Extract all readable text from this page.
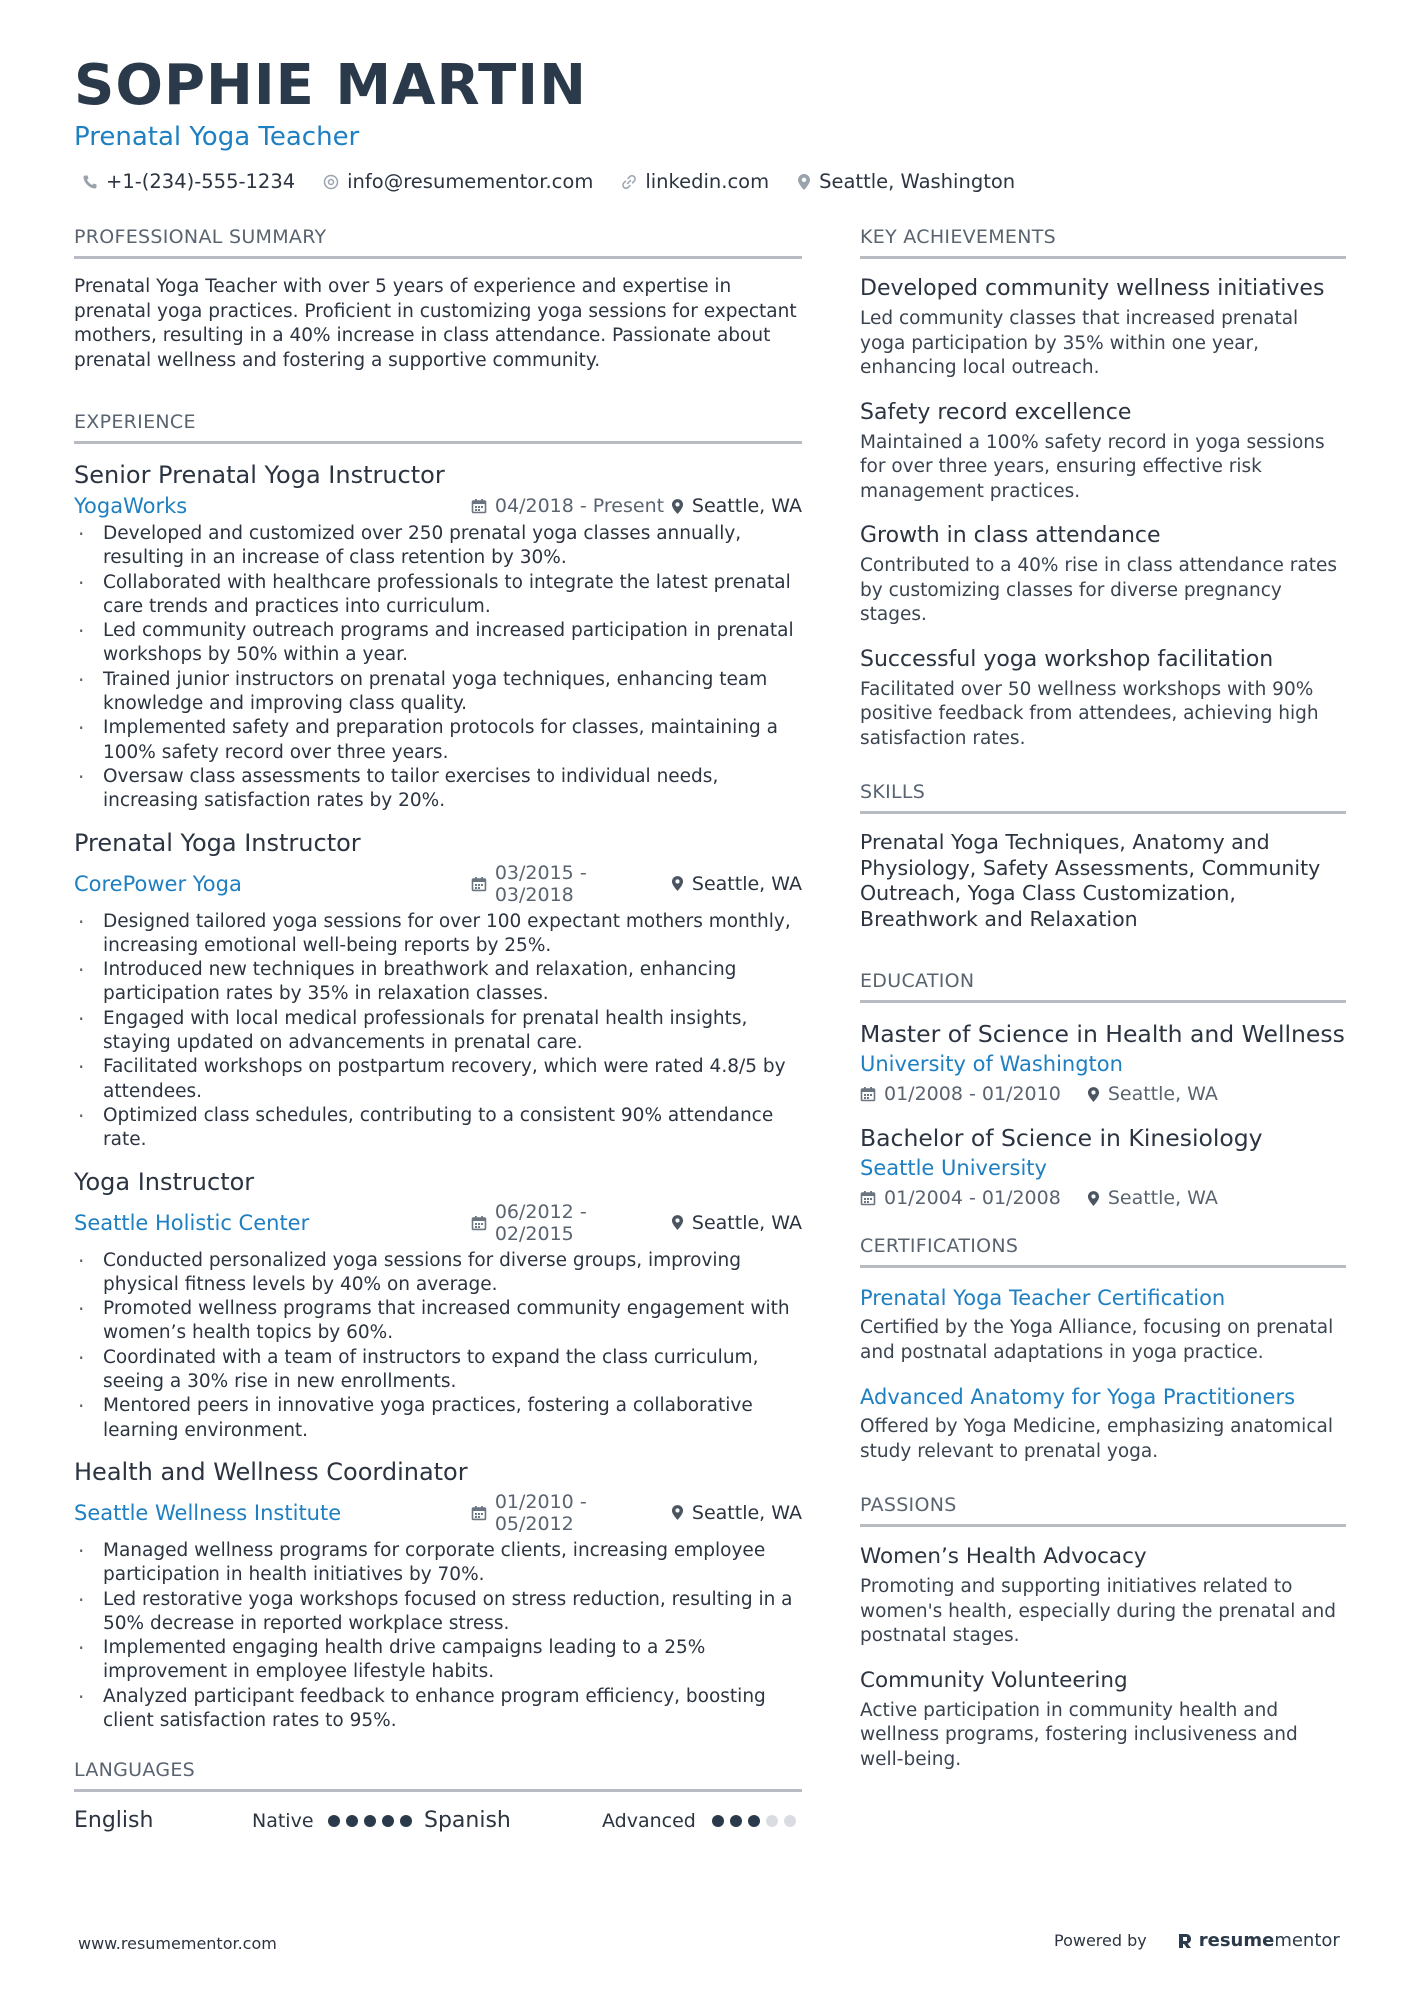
SOPHIE MARTIN
Prenatal Yoga Teacher
+1-(234)-555-1234	info@resumementor.com	linkedin.com	Seattle, Washington
PROFESSIONAL SUMMARY

Prenatal Yoga Teacher with over 5 years of experience and expertise in prenatal yoga practices. Proficient in customizing yoga sessions for expectant mothers, resulting in a 40% increase in class attendance. Passionate about prenatal wellness and fostering a supportive community.

EXPERIENCE
Senior Prenatal Yoga Instructor
YogaWorks	04/2018 - Present Seattle, WA
· Developed and customized over 250 prenatal yoga classes annually, resulting in an increase of class retention by 30%.
· Collaborated with healthcare professionals to integrate the latest prenatal care trends and practices into curriculum.
· Led community outreach programs and increased participation in prenatal workshops by 50% within a year.
· Trained junior instructors on prenatal yoga techniques, enhancing team knowledge and improving class quality.
· Implemented safety and preparation protocols for classes, maintaining a 100% safety record over three years.
· Oversaw class assessments to tailor exercises to individual needs, increasing satisfaction rates by 20%.
Prenatal Yoga Instructor
CorePower Yoga	03/2015 - 03/2018	Seattle, WA
· Designed tailored yoga sessions for over 100 expectant mothers monthly, increasing emotional well-being reports by 25%.
· Introduced new techniques in breathwork and relaxation, enhancing participation rates by 35% in relaxation classes.
· Engaged with local medical professionals for prenatal health insights, staying updated on advancements in prenatal care.
· Facilitated workshops on postpartum recovery, which were rated 4.8/5 by attendees.
· Optimized class schedules, contributing to a consistent 90% attendance rate.
Yoga Instructor
Seattle Holistic Center	06/2012 - 02/2015	Seattle, WA
· Conducted personalized yoga sessions for diverse groups, improving physical fitness levels by 40% on average.
· Promoted wellness programs that increased community engagement with women’s health topics by 60%.
· Coordinated with a team of instructors to expand the class curriculum, seeing a 30% rise in new enrollments.
· Mentored peers in innovative yoga practices, fostering a collaborative learning environment.
Health and Wellness Coordinator
Seattle Wellness Institute	01/2010 - 05/2012	Seattle, WA
· Managed wellness programs for corporate clients, increasing employee participation in health initiatives by 70%.
· Led restorative yoga workshops focused on stress reduction, resulting in a 50% decrease in reported workplace stress.
· Implemented engaging health drive campaigns leading to a 25% improvement in employee lifestyle habits.
· Analyzed participant feedback to enhance program efficiency, boosting client satisfaction rates to 95%.
LANGUAGES
English	Native	Spanish	Advanced
KEY ACHIEVEMENTS
Developed community wellness initiatives
Led community classes that increased prenatal yoga participation by 35% within one year, enhancing local outreach.
Safety record excellence
Maintained a 100% safety record in yoga sessions for over three years, ensuring effective risk management practices.
Growth in class attendance
Contributed to a 40% rise in class attendance rates by customizing classes for diverse pregnancy stages.
Successful yoga workshop facilitation
Facilitated over 50 wellness workshops with 90% positive feedback from attendees, achieving high satisfaction rates.
SKILLS

Prenatal Yoga Techniques, Anatomy and Physiology, Safety Assessments, Community Outreach, Yoga Class Customization, Breathwork and Relaxation

EDUCATION
Master of Science in Health and Wellness
University of Washington
01/2008 - 01/2010 Seattle, WA
Bachelor of Science in Kinesiology
Seattle University
01/2004 - 01/2008 Seattle, WA
CERTIFICATIONS
Prenatal Yoga Teacher Certification
Certified by the Yoga Alliance, focusing on prenatal and postnatal adaptations in yoga practice.
Advanced Anatomy for Yoga Practitioners
Offered by Yoga Medicine, emphasizing anatomical study relevant to prenatal yoga.
PASSIONS
Women’s Health Advocacy
Promoting and supporting initiatives related to women's health, especially during the prenatal and postnatal stages.
Community Volunteering
Active participation in community health and wellness programs, fostering inclusiveness and well-being.
www.resumementor.com	Powered by	resume mentor
